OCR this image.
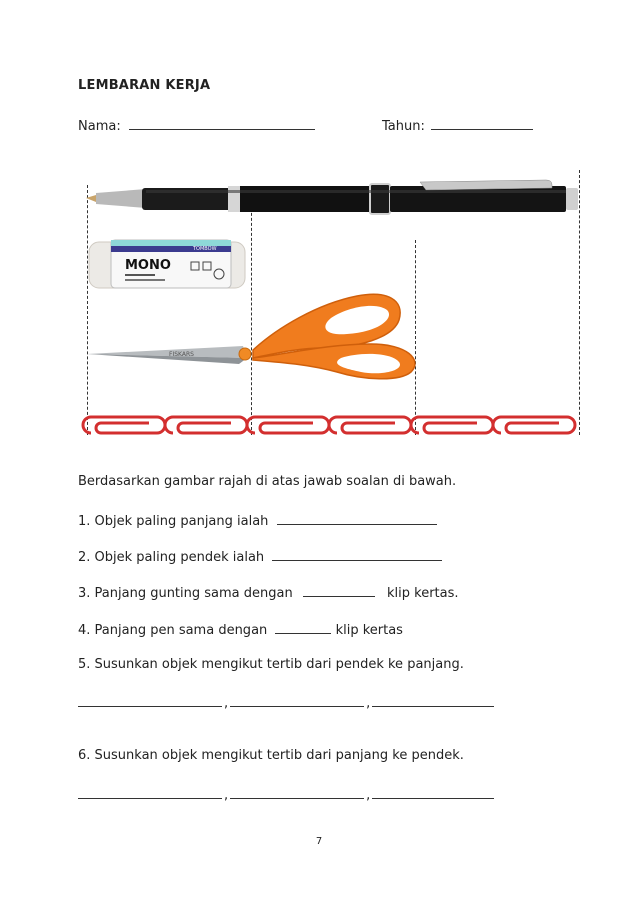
LEMBARAN KERJA
Nama:	Tahun:
MONO
TOMBOW
FISKARS
Berdasarkan gambar rajah di atas jawab soalan di bawah.
1. Objek paling panjang ialah
2. Objek paling pendek ialah
3. Panjang gunting sama dengan	klip kertas.
4. Panjang pen sama dengan	klip kertas
5. Susunkan objek mengikut tertib dari pendek ke panjang.
,	,
6. Susunkan objek mengikut tertib dari panjang ke pendek.
,	,
7
